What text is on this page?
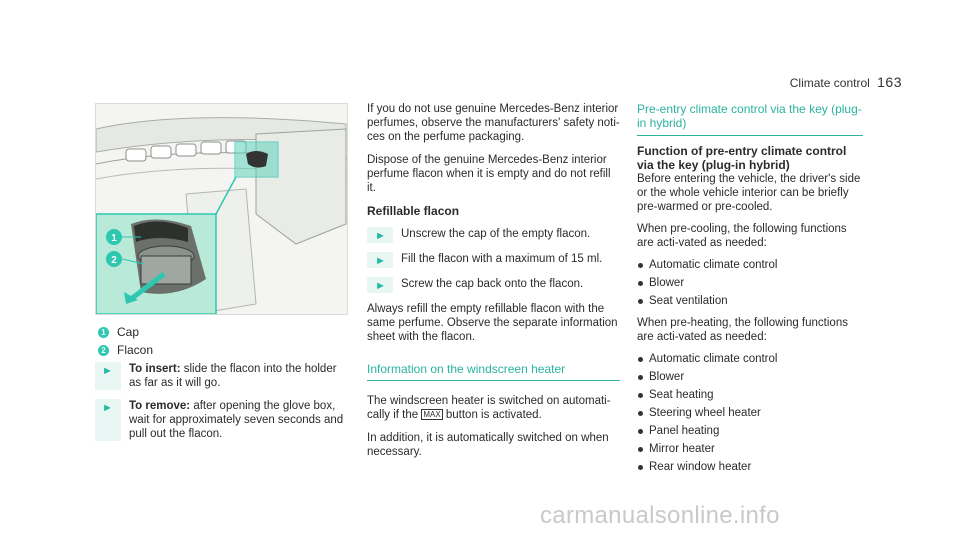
Climate control 163
1
2
1 Cap
2 Flacon
►	To insert: slide the flacon into the holder as far as it will go.
►	To remove: after opening the glove box, wait for approximately seven seconds and pull out the flacon.

If you do not use genuine Mercedes-Benz interior perfumes, observe the manufacturers' safety noti-ces on the perfume packaging.

Dispose of the genuine Mercedes-Benz interior perfume flacon when it is empty and do not refill it.

Refillable flacon
►	Unscrew the cap of the empty flacon.
►	Fill the flacon with a maximum of 15 ml.
►	Screw the cap back onto the flacon.

Always refill the empty refillable flacon with the same perfume. Observe the separate information sheet with the flacon.

Information on the windscreen heater

The windscreen heater is switched on automati-cally if the MAX button is activated.

In addition, it is automatically switched on when necessary.

Pre-entry climate control via the key (plug-in hybrid)
Function of pre-entry climate control via the key (plug-in hybrid)

Before entering the vehicle, the driver's side or the whole vehicle interior can be briefly pre-warmed or pre-cooled.

When pre-cooling, the following functions are acti-vated as needed:

Automatic climate control
Blower
Seat ventilation

When pre-heating, the following functions are acti-vated as needed:

Automatic climate control
Blower
Seat heating
Steering wheel heater
Panel heating
Mirror heater
Rear window heater
carmanualsonline.info
